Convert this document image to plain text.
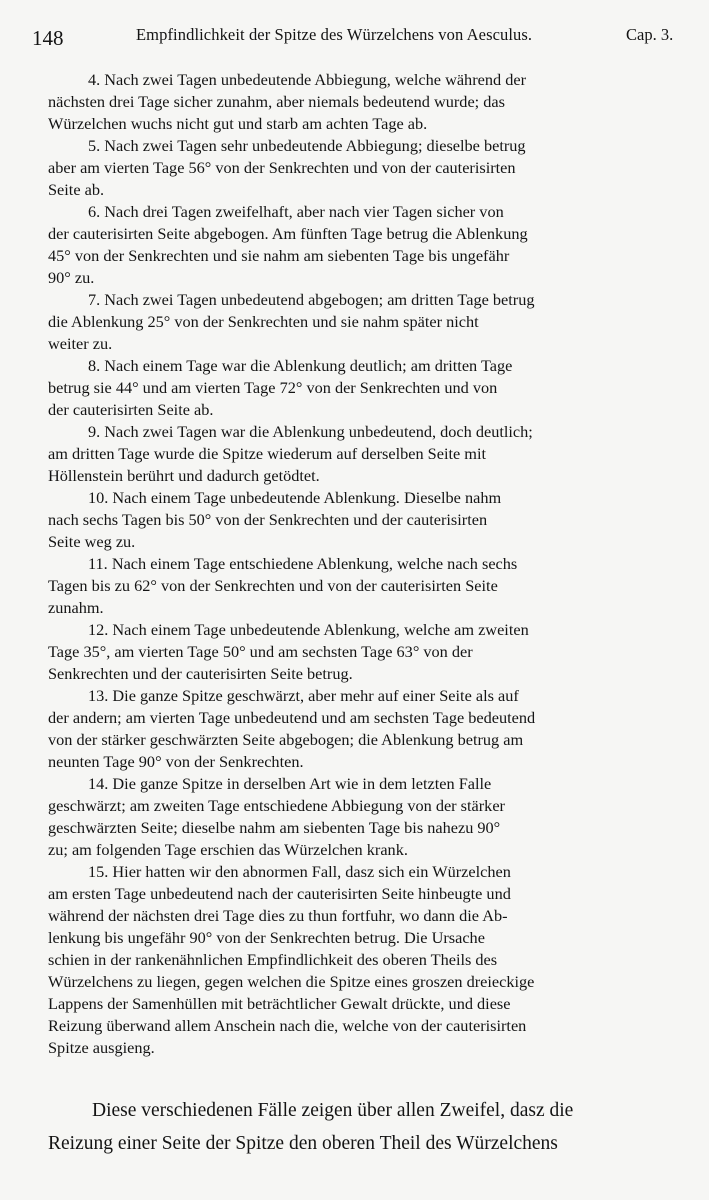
148	Empfindlichkeit der Spitze des Würzelchens von Aesculus.	Cap. 3.

4. Nach zwei Tagen unbedeutende Abbiegung, welche während der
nächsten drei Tage sicher zunahm, aber niemals bedeutend wurde; das
Würzelchen wuchs nicht gut und starb am achten Tage ab.

5. Nach zwei Tagen sehr unbedeutende Abbiegung; dieselbe betrug
aber am vierten Tage 56° von der Senkrechten und von der cauterisirten
Seite ab.

6. Nach drei Tagen zweifelhaft, aber nach vier Tagen sicher von
der cauterisirten Seite abgebogen. Am fünften Tage betrug die Ablenkung
45° von der Senkrechten und sie nahm am siebenten Tage bis ungefähr
90° zu.

7. Nach zwei Tagen unbedeutend abgebogen; am dritten Tage betrug
die Ablenkung 25° von der Senkrechten und sie nahm später nicht
weiter zu.

8. Nach einem Tage war die Ablenkung deutlich; am dritten Tage
betrug sie 44° und am vierten Tage 72° von der Senkrechten und von
der cauterisirten Seite ab.

9. Nach zwei Tagen war die Ablenkung unbedeutend, doch deutlich;
am dritten Tage wurde die Spitze wiederum auf derselben Seite mit
Höllenstein berührt und dadurch getödtet.

10. Nach einem Tage unbedeutende Ablenkung. Dieselbe nahm
nach sechs Tagen bis 50° von der Senkrechten und der cauterisirten
Seite weg zu.

11. Nach einem Tage entschiedene Ablenkung, welche nach sechs
Tagen bis zu 62° von der Senkrechten und von der cauterisirten Seite
zunahm.

12. Nach einem Tage unbedeutende Ablenkung, welche am zweiten
Tage 35°, am vierten Tage 50° und am sechsten Tage 63° von der
Senkrechten und der cauterisirten Seite betrug.

13. Die ganze Spitze geschwärzt, aber mehr auf einer Seite als auf
der andern; am vierten Tage unbedeutend und am sechsten Tage bedeutend
von der stärker geschwärzten Seite abgebogen; die Ablenkung betrug am
neunten Tage 90° von der Senkrechten.

14. Die ganze Spitze in derselben Art wie in dem letzten Falle
geschwärzt; am zweiten Tage entschiedene Abbiegung von der stärker
geschwärzten Seite; dieselbe nahm am siebenten Tage bis nahezu 90°
zu; am folgenden Tage erschien das Würzelchen krank.

15. Hier hatten wir den abnormen Fall, dasz sich ein Würzelchen
am ersten Tage unbedeutend nach der cauterisirten Seite hinbeugte und
während der nächsten drei Tage dies zu thun fortfuhr, wo dann die Ab-
lenkung bis ungefähr 90° von der Senkrechten betrug. Die Ursache
schien in der rankenähnlichen Empfindlichkeit des oberen Theils des
Würzelchens zu liegen, gegen welchen die Spitze eines groszen dreieckige
Lappens der Samenhüllen mit beträchtlicher Gewalt drückte, und diese
Reizung überwand allem Anschein nach die, welche von der cauterisirten
Spitze ausgieng.

Diese verschiedenen Fälle zeigen über allen Zweifel, dasz die
Reizung einer Seite der Spitze den oberen Theil des Würzelchens
